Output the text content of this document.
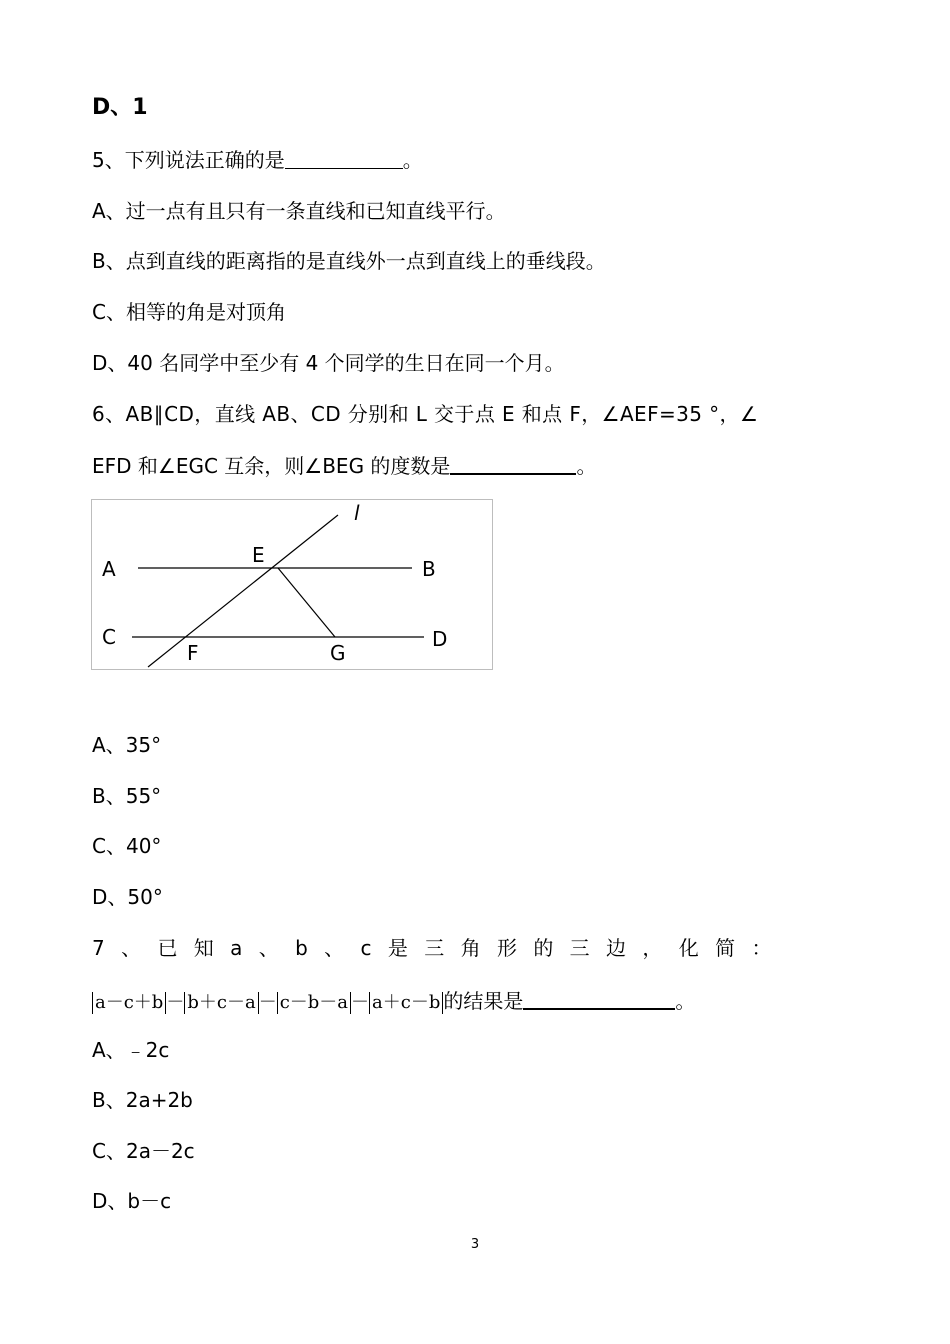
D、1
5、下列说法正确的是	。
A、过一点有且只有一条直线和已知直线平行。
B、点到直线的距离指的是直线外一点到直线上的垂线段。
C、相等的角是对顶角
D、40 名同学中至少有 4 个同学的生日在同一个月。
6、AB∥CD，直线 AB、CD 分别和 L 交于点 E 和点 F，∠AEF=35 °，∠
EFD 和∠EGC 互余，则∠BEG 的度数是	。
A	B
C	D
E
F	G
l
A、35°
B、55°
C、40°
D、50°
7 、 已 知 a 、 b 、 c 是 三 角 形 的 三 边 ， 化 简 ：
a－c＋b － b＋c－a － c－b－a － a＋c－b 的结果是	。
A、﹣2c
B、2a+2b
C、2a－2c
D、b－c
3
